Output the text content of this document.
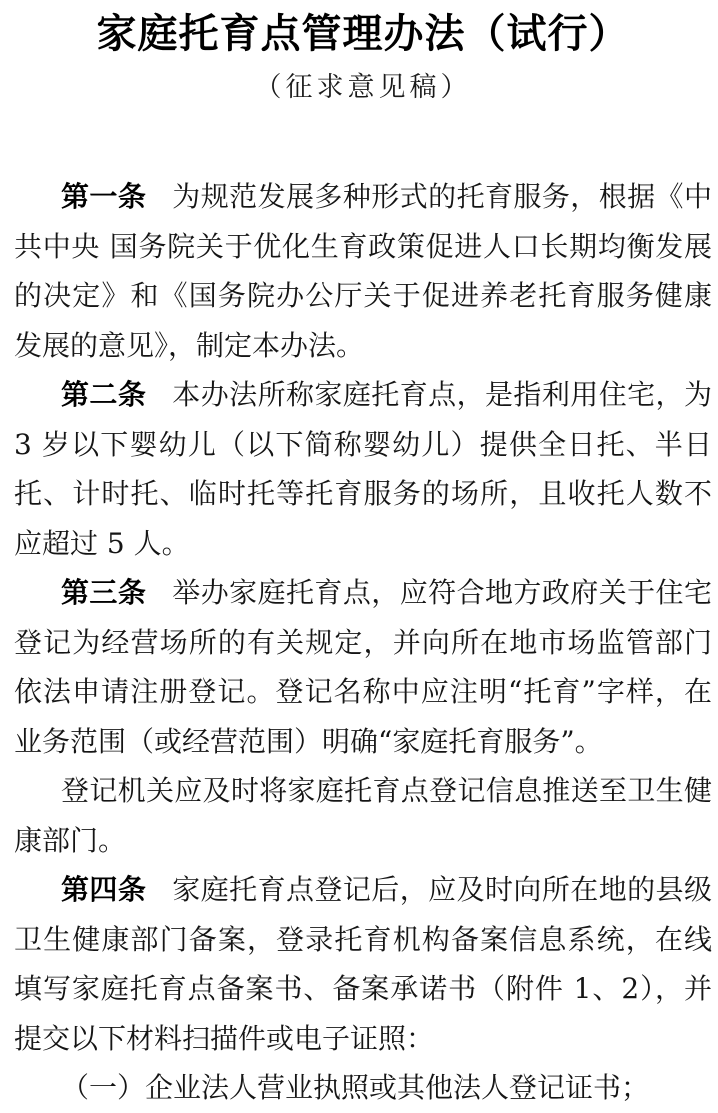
家庭托育点管理办法（试行）
（征求意见稿）

第一条 为规范发展多种形式的托育服务，根据《中共中央 国务院关于优化生育政策促进人口长期均衡发展的决定》和《国务院办公厅关于促进养老托育服务健康发展的意见》，制定本办法。

第二条 本办法所称家庭托育点，是指利用住宅，为 3 岁以下婴幼儿（以下简称婴幼儿）提供全日托、半日托、计时托、临时托等托育服务的场所，且收托人数不应超过 5 人。

第三条 举办家庭托育点，应符合地方政府关于住宅登记为经营场所的有关规定，并向所在地市场监管部门依法申请注册登记。登记名称中应注明“托育”字样，在业务范围（或经营范围）明确“家庭托育服务”。

登记机关应及时将家庭托育点登记信息推送至卫生健康部门。

第四条 家庭托育点登记后，应及时向所在地的县级卫生健康部门备案，登录托育机构备案信息系统，在线填写家庭托育点备案书、备案承诺书（附件 1、2），并提交以下材料扫描件或电子证照：

（一）企业法人营业执照或其他法人登记证书；
